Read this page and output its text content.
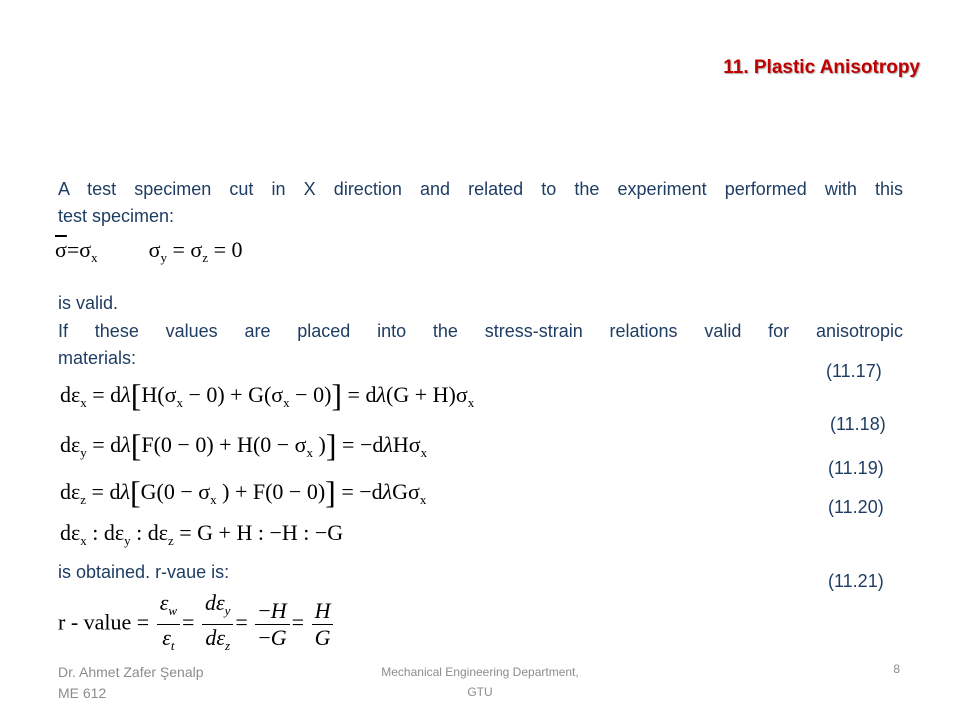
11. Plastic Anisotropy
A test specimen cut in X direction and related to the experiment performed with this
test specimen:
$\overline{\sigma}=\sigma_x$  $\sigma_y = \sigma_z = 0$
is valid.
If these values are placed into the stress-strain relations valid for anisotropic
materials:
(11.17)
(11.18)
(11.19)
(11.20)
(11.21)
$d\varepsilon_x = d\lambda[H(\sigma_x - 0) + G(\sigma_x - 0)] = d\lambda(G + H)\sigma_x$
$d\varepsilon_y = d\lambda[F(0 - 0) + H(0 - \sigma_x$ )] = −dλHσ$_x$
$d\varepsilon_z = d\lambda[G(0 - \sigma_x$ ) + F(0 − 0)] = −dλGσ$_x$
$d\varepsilon_x$ : $d\varepsilon_y$ : $d\varepsilon_z = G + H$ : −H : −G
is obtained. r-vaue is:
r - value = $\frac{\varepsilon_w}{\varepsilon_t} = \frac{d\varepsilon_y}{d\varepsilon_z} = \frac{-H}{-G} = \frac{H}{G}$
Dr. Ahmet Zafer Şenalp
ME 612
Mechanical Engineering Department,
GTU
8
